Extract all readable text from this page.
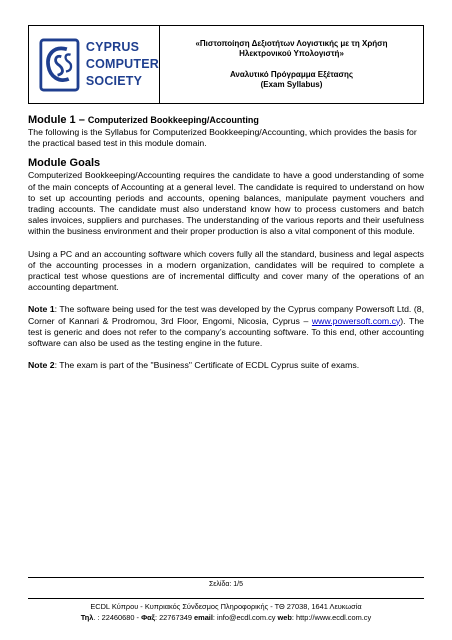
CYPRUS
COMPUTER
SOCIETY
«Πιστοποίηση Δεξιοτήτων Λογιστικής με τη Χρήση
Ηλεκτρονικού Υπολογιστή»
Αναλυτικό Πρόγραμμα Εξέτασης
(Exam Syllabus)
Module 1 – Computerized Bookkeeping/Accounting

The following is the Syllabus for Computerized Bookkeeping/Accounting, which provides the basis for the practical based test in this module domain.

Module Goals

Computerized Bookkeeping/Accounting requires the candidate to have a good understanding of some of the main concepts of Accounting at a general level. The candidate is required to understand on how to set up accounting periods and accounts, opening balances, manipulate payment vouchers and trading accounts. The candidate must also understand know how to process customers and batch sales invoices, suppliers and purchases. The understanding of the various reports and their usefulness within the business environment and their proper production is also a vital component of this module.

Using a PC and an accounting software which covers fully all the standard, business and legal aspects of the accounting processes in a modern organization, candidates will be required to complete a practical test whose questions are of incremental difficulty and cover many of the operations of an accounting department.

Note 1: The software being used for the test was developed by the Cyprus company Powersoft Ltd. (8, Corner of Kannari & Prodromou, 3rd Floor, Engomi, Nicosia, Cyprus – www.powersoft.com.cy). The test is generic and does not refer to the company’s accounting software. To this end, other accounting software can also be used as the testing engine in the future.

Note 2: The exam is part of the "Business" Certificate of ECDL Cyprus suite of exams.

Σελίδα: 1/5
ECDL Κύπρου - Κυπριακός Σύνδεσμος Πληροφορικής - ΤΘ 27038, 1641 Λευκωσία
Τηλ. : 22460680 - Φαξ: 22767349 email: info@ecdl.com.cy web: http://www.ecdl.com.cy
